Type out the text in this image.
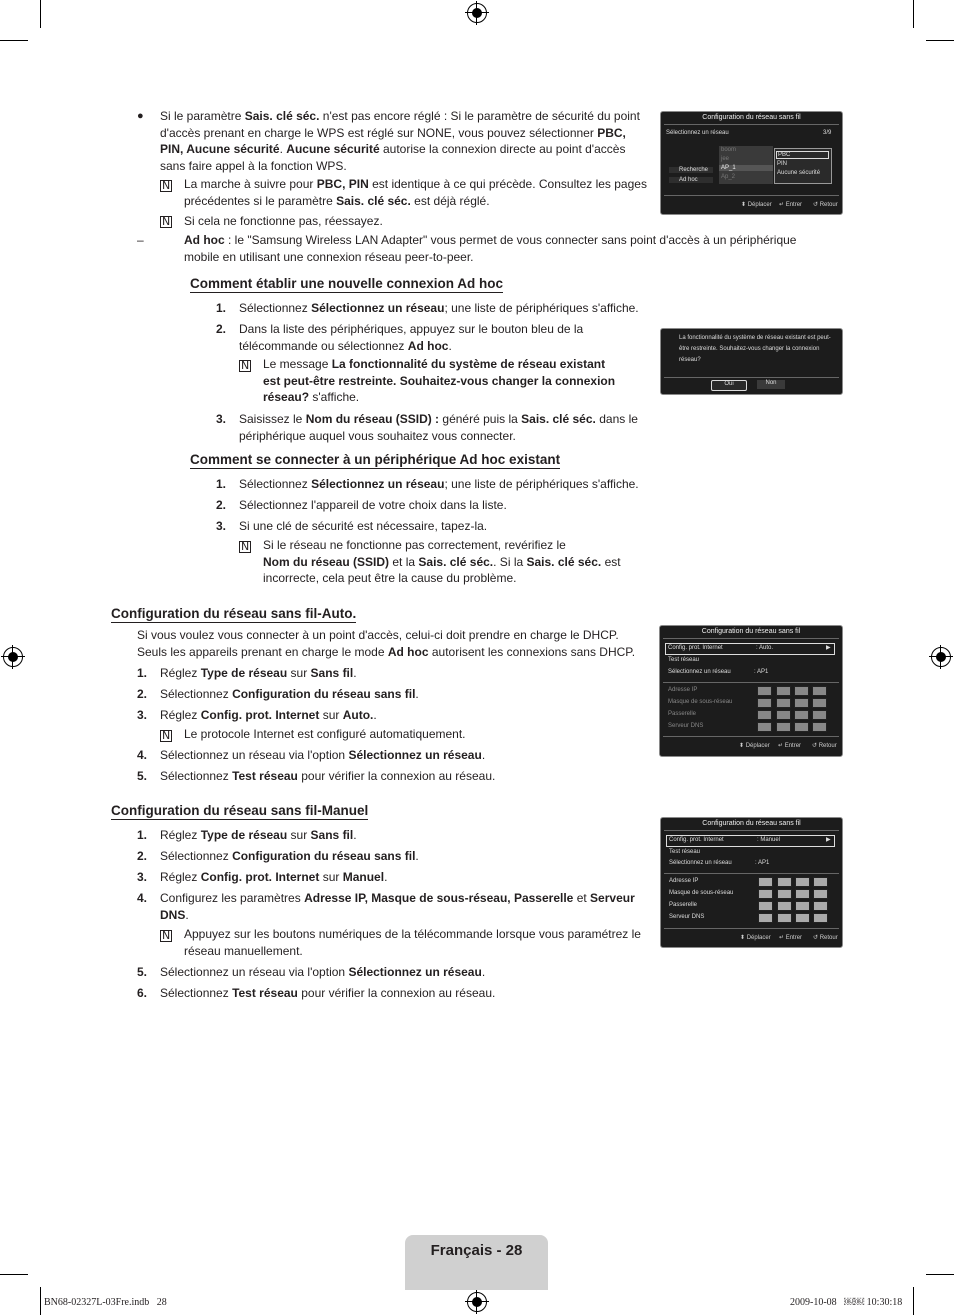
● Si le paramètre Sais. clé séc. n'est pas encore réglé : Si le paramètre de sécurité du point
d'accès prenant en charge le WPS est réglé sur NONE, vous pouvez sélectionner PBC,
PIN, Aucune sécurité. Aucune sécurité autorise la connexion directe au point d'accès
sans faire appel à la fonction WPS.
N
La marche à suivre pour PBC, PIN est identique à ce qui précède. Consultez les pages
précédentes si le paramètre Sais. clé séc. est déjà réglé.
N
Si cela ne fonctionne pas, réessayez.
–	Ad hoc : le "Samsung Wireless LAN Adapter" vous permet de vous connecter sans point d'accès à un périphérique
mobile en utilisant une connexion réseau peer-to-peer.
Configuration du réseau sans fil
Sélectionnez un réseau	3/9
boom
jee
AP_1
Ap_2
PBC
PIN
Aucune sécurité
Recherche
Ad hoc
⬍ Déplacer ↵ Entrer ↺ Retour
Comment établir une nouvelle connexion Ad hoc
1. Sélectionnez Sélectionnez un réseau; une liste de périphériques s'affiche.
2. Dans la liste des périphériques, appuyez sur le bouton bleu de la
télécommande ou sélectionnez Ad hoc.
N
Le message La fonctionnalité du système de réseau existant
est peut-être restreinte. Souhaitez-vous changer la connexion
réseau? s'affiche.
3. Saisissez le Nom du réseau (SSID) : généré puis la Sais. clé séc. dans le
périphérique auquel vous souhaitez vous connecter.
La fonctionnalité du système de réseau existant est peut-
être restreinte. Souhaitez-vous changer la connexion
réseau?
Oui	Non
Comment se connecter à un périphérique Ad hoc existant
1. Sélectionnez Sélectionnez un réseau; une liste de périphériques s'affiche.
2. Sélectionnez l'appareil de votre choix dans la liste.
3. Si une clé de sécurité est nécessaire, tapez-la.
N
Si le réseau ne fonctionne pas correctement, revérifiez le
Nom du réseau (SSID) et la Sais. clé séc.. Si la Sais. clé séc. est
incorrecte, cela peut être la cause du problème.
Configuration du réseau sans fil-Auto.
Si vous voulez vous connecter à un point d'accès, celui-ci doit prendre en charge le DHCP.
Seuls les appareils prenant en charge le mode Ad hoc autorisent les connexions sans DHCP.
1. Réglez Type de réseau sur Sans fil.
2. Sélectionnez Configuration du réseau sans fil.
3. Réglez Config. prot. Internet sur Auto..
N
Le protocole Internet est configuré automatiquement.
4. Sélectionnez un réseau via l'option Sélectionnez un réseau.
5. Sélectionnez Test réseau pour vérifier la connexion au réseau.
Configuration du réseau sans fil
Config. prot. Internet	: Auto.	▶
Test réseau
Sélectionnez un réseau	: AP1
Adresse IP
Masque de sous-réseau
Passerelle
Serveur DNS
⬍ Déplacer ↵ Entrer ↺ Retour
Configuration du réseau sans fil-Manuel
1. Réglez Type de réseau sur Sans fil.
2. Sélectionnez Configuration du réseau sans fil.
3. Réglez Config. prot. Internet sur Manuel.
4. Configurez les paramètres Adresse IP, Masque de sous-réseau, Passerelle et Serveur
DNS.
N
Appuyez sur les boutons numériques de la télécommande lorsque vous paramétrez le
réseau manuellement.
5. Sélectionnez un réseau via l'option Sélectionnez un réseau.
6. Sélectionnez Test réseau pour vérifier la connexion au réseau.
Configuration du réseau sans fil
Config. prot. Internet	: Manuel	▶
Test réseau
Sélectionnez un réseau	: AP1
Adresse IP
Masque de sous-réseau
Passerelle
Serveur DNS
⬍ Déplacer ↵ Entrer ↺ Retour
Français - 28
BN68-02327L-03Fre.indb   28	2009-10-08   ￼￼ 10:30:18
